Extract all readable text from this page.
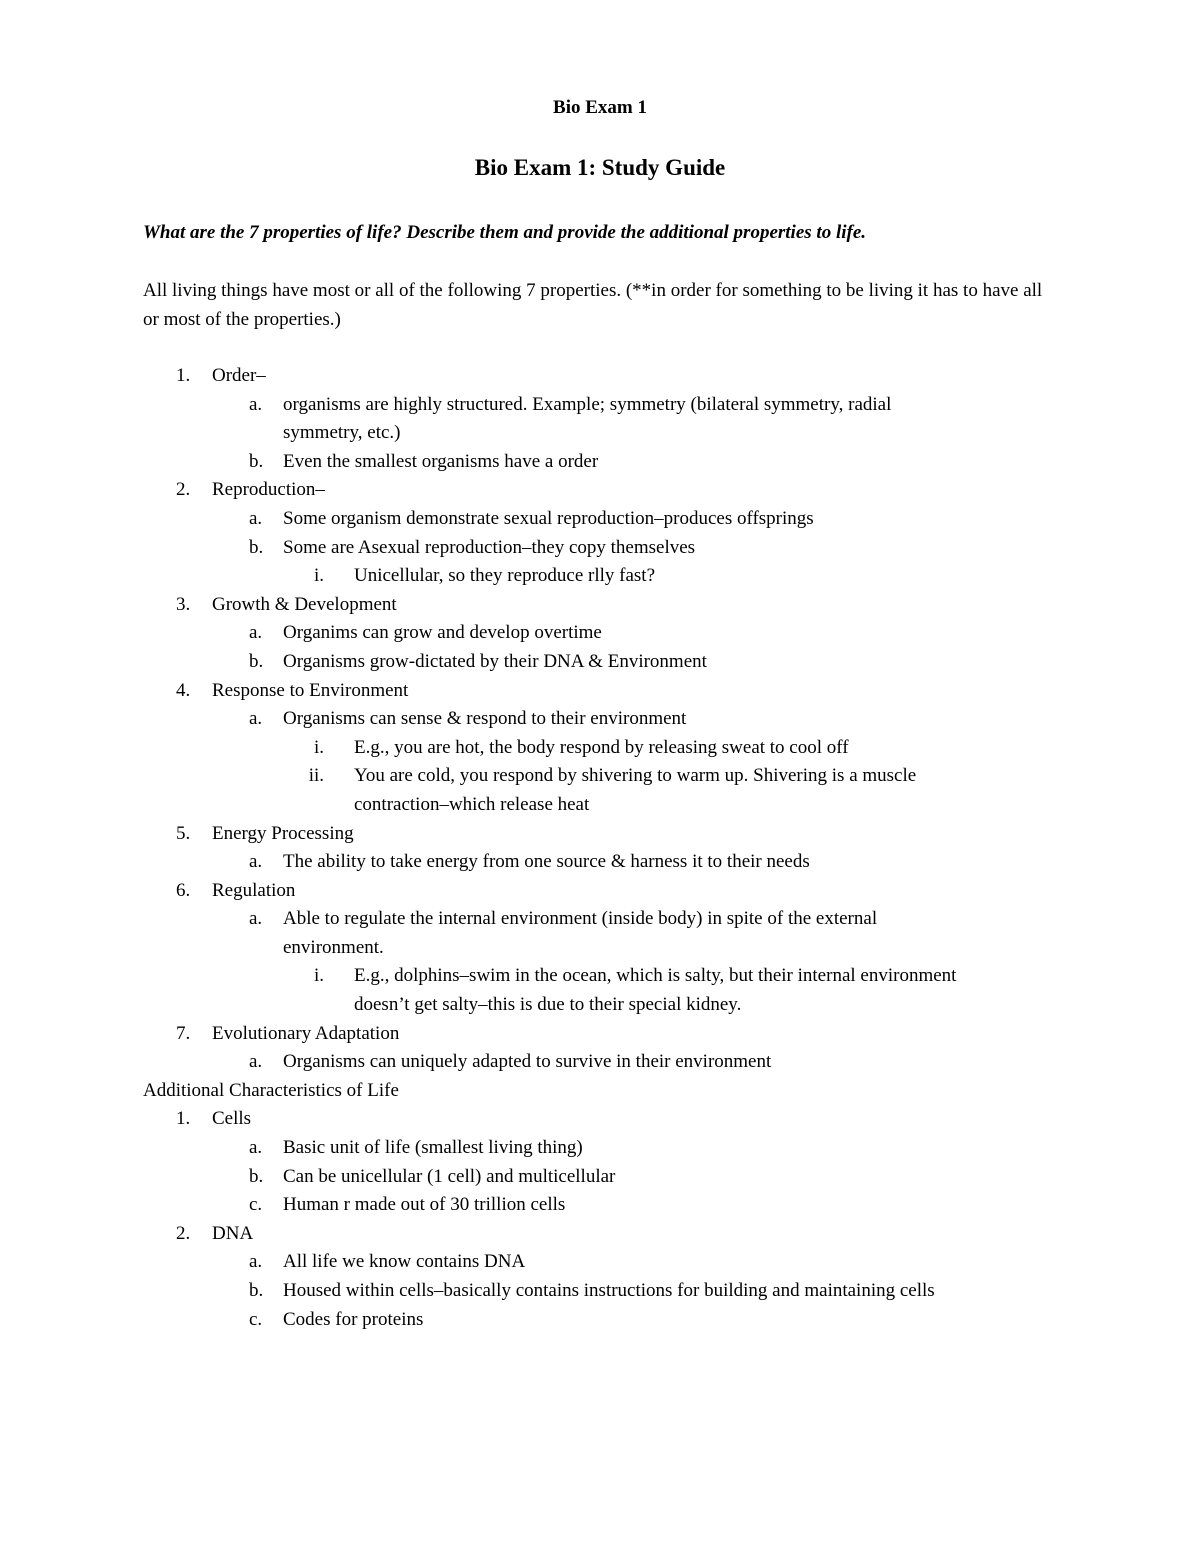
Bio Exam 1
Bio Exam 1: Study Guide
What are the 7 properties of life? Describe them and provide the additional properties to life.
All living things have most or all of the following 7 properties. (**in order for something to be living it has to have all or most of the properties.)
1. Order–
a. organisms are highly structured. Example; symmetry (bilateral symmetry, radial
symmetry, etc.)
b. Even the smallest organisms have a order
2. Reproduction–
a. Some organism demonstrate sexual reproduction–produces offsprings
b. Some are Asexual reproduction–they copy themselves
i. Unicellular, so they reproduce rlly fast?
3. Growth & Development
a. Organims can grow and develop overtime
b. Organisms grow-dictated by their DNA & Environment
4. Response to Environment
a. Organisms can sense & respond to their environment
i. E.g., you are hot, the body respond by releasing sweat to cool off
ii. You are cold, you respond by shivering to warm up. Shivering is a muscle
contraction–which release heat
5. Energy Processing
a. The ability to take energy from one source & harness it to their needs
6. Regulation
a. Able to regulate the internal environment (inside body) in spite of the external
environment.
i. E.g., dolphins–swim in the ocean, which is salty, but their internal environment
doesn’t get salty–this is due to their special kidney.
7. Evolutionary Adaptation
a. Organisms can uniquely adapted to survive in their environment
Additional Characteristics of Life
1. Cells
a. Basic unit of life (smallest living thing)
b. Can be unicellular (1 cell) and multicellular
c. Human r made out of 30 trillion cells
2. DNA
a. All life we know contains DNA
b. Housed within cells–basically contains instructions for building and maintaining cells
c. Codes for proteins
